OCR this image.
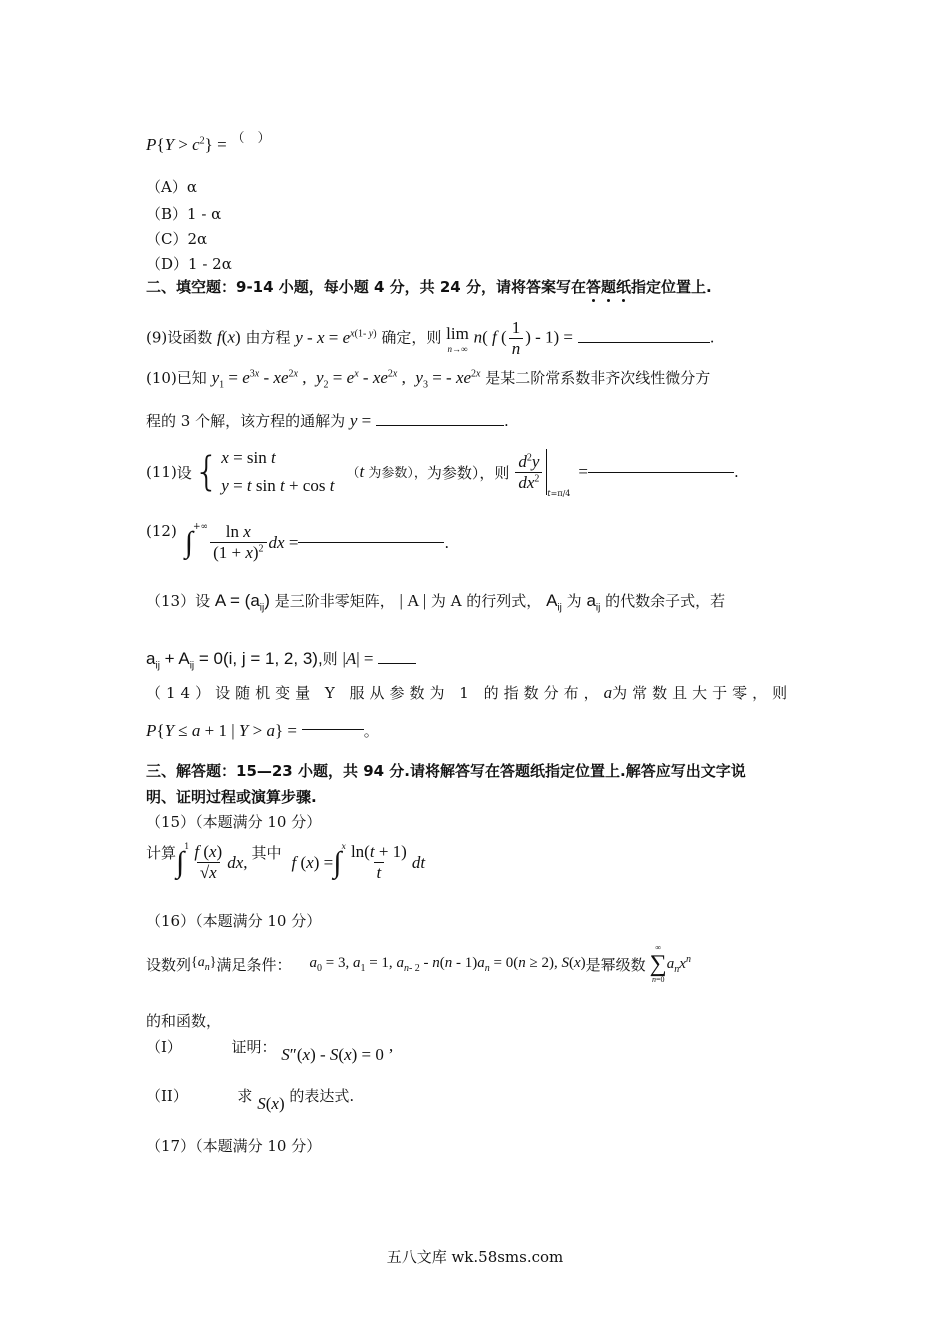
$P\{Y > c^2\}$ = （　）
（A）α
（B）1 - α
（C）2α
（D）1 - 2α
二、填空题：9-14 小题，每小题 4 分，共 24 分，请将答案写在答题纸指定位置上.
(9)设函数 f(x) 由方程 $y - x = e^{x(1- y)}$ 确定，则 lim
n→∞
n( f ( $\frac{1}{n}$ ) - 1) =	.
(10)已知 $y_1 = e^{3x} - xe^{2x}$ , $y_2 = e^x - xe^{2x}$ , $y_3$ = - $xe^{2x}$ 是某二阶常系数非齐次线性微分方
程的 3 个解，该方程的通解为 y =	.
(11) 设 { x = sin t
y = t sin t + cos t
（t 为参数）， 为参数），则 $\frac{d^2y}{dx^2}$
t=π/4
=	.
(12) ∫ +∞ $\frac{\text{ln x}}{(1 + x)^2}$ dx =	.
（13）设 $A = (a_{ij})$ 是三阶非零矩阵， | A | 为 A 的行列式， $A_{ij}$ 为 $a_{ij}$ 的代数余子式，若
$a_{ij} + A_{ij} = 0(i$, j = 1, 2, 3),则 |A| =
（14）设随机变量 Y 服从参数为 1 的指数分布，a为常数且大于零，则
P{Y ≤ a + 1 | Y > a} =	。
三、解答题：15—23 小题，共 94 分.请将解答写在答题纸指定位置上.解答应写出文字说
明、证明过程或演算步骤.
（15）（本题满分 10 分）
计算 ∫ $1 \frac{f (x)}{√x}$ dx, 其中 f (x) = ∫ x $\frac{\ln(t + 1)}{t}$ dt
（16）（本题满分 10 分）
设数列 $\{a_n\}$ 满足条件： $a_0 = 3$, $a_1 = 1$, $a_{n- 2} - n(n - 1)a_n = 0(n \ge 2)$, S(x) 是幂级数
∞
∑
n=0
$a_nx^n$
的和函数，
（I）	证明： S″(x) - S(x) = 0 ’
（II）	求 S(x) 的表达式.
（17）（本题满分 10 分）
五八文库 wk.58sms.com
